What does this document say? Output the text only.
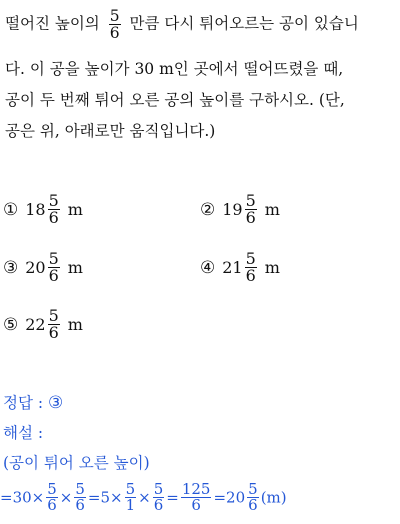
떨어진 높이의 $\frac{5}{6}$ 만큼 다시 튀어오르는 공이 있습니
다. 이 공을 높이가 30 m인 곳에서 떨어뜨렸을 때,
공이 두 번째 튀어 오른 공의 높이를 구하시오. (단,
공은 위, 아래로만 움직입니다.)
① $18 \frac{5}{6}$ m	② $19 \frac{5}{6}$ m
③ $20 \frac{5}{6}$ m	④ $21 \frac{5}{6}$ m
⑤ $22 \frac{5}{6}$ m
정답 : ③
해설 :
(공이 튀어 오른 높이)
$=30\times \frac{5}{6} \times \frac{5}{6} =5\times \frac{5}{1} \times \frac{5}{6} = \frac{125}{6} =20 \frac{5}{6} (m)$
